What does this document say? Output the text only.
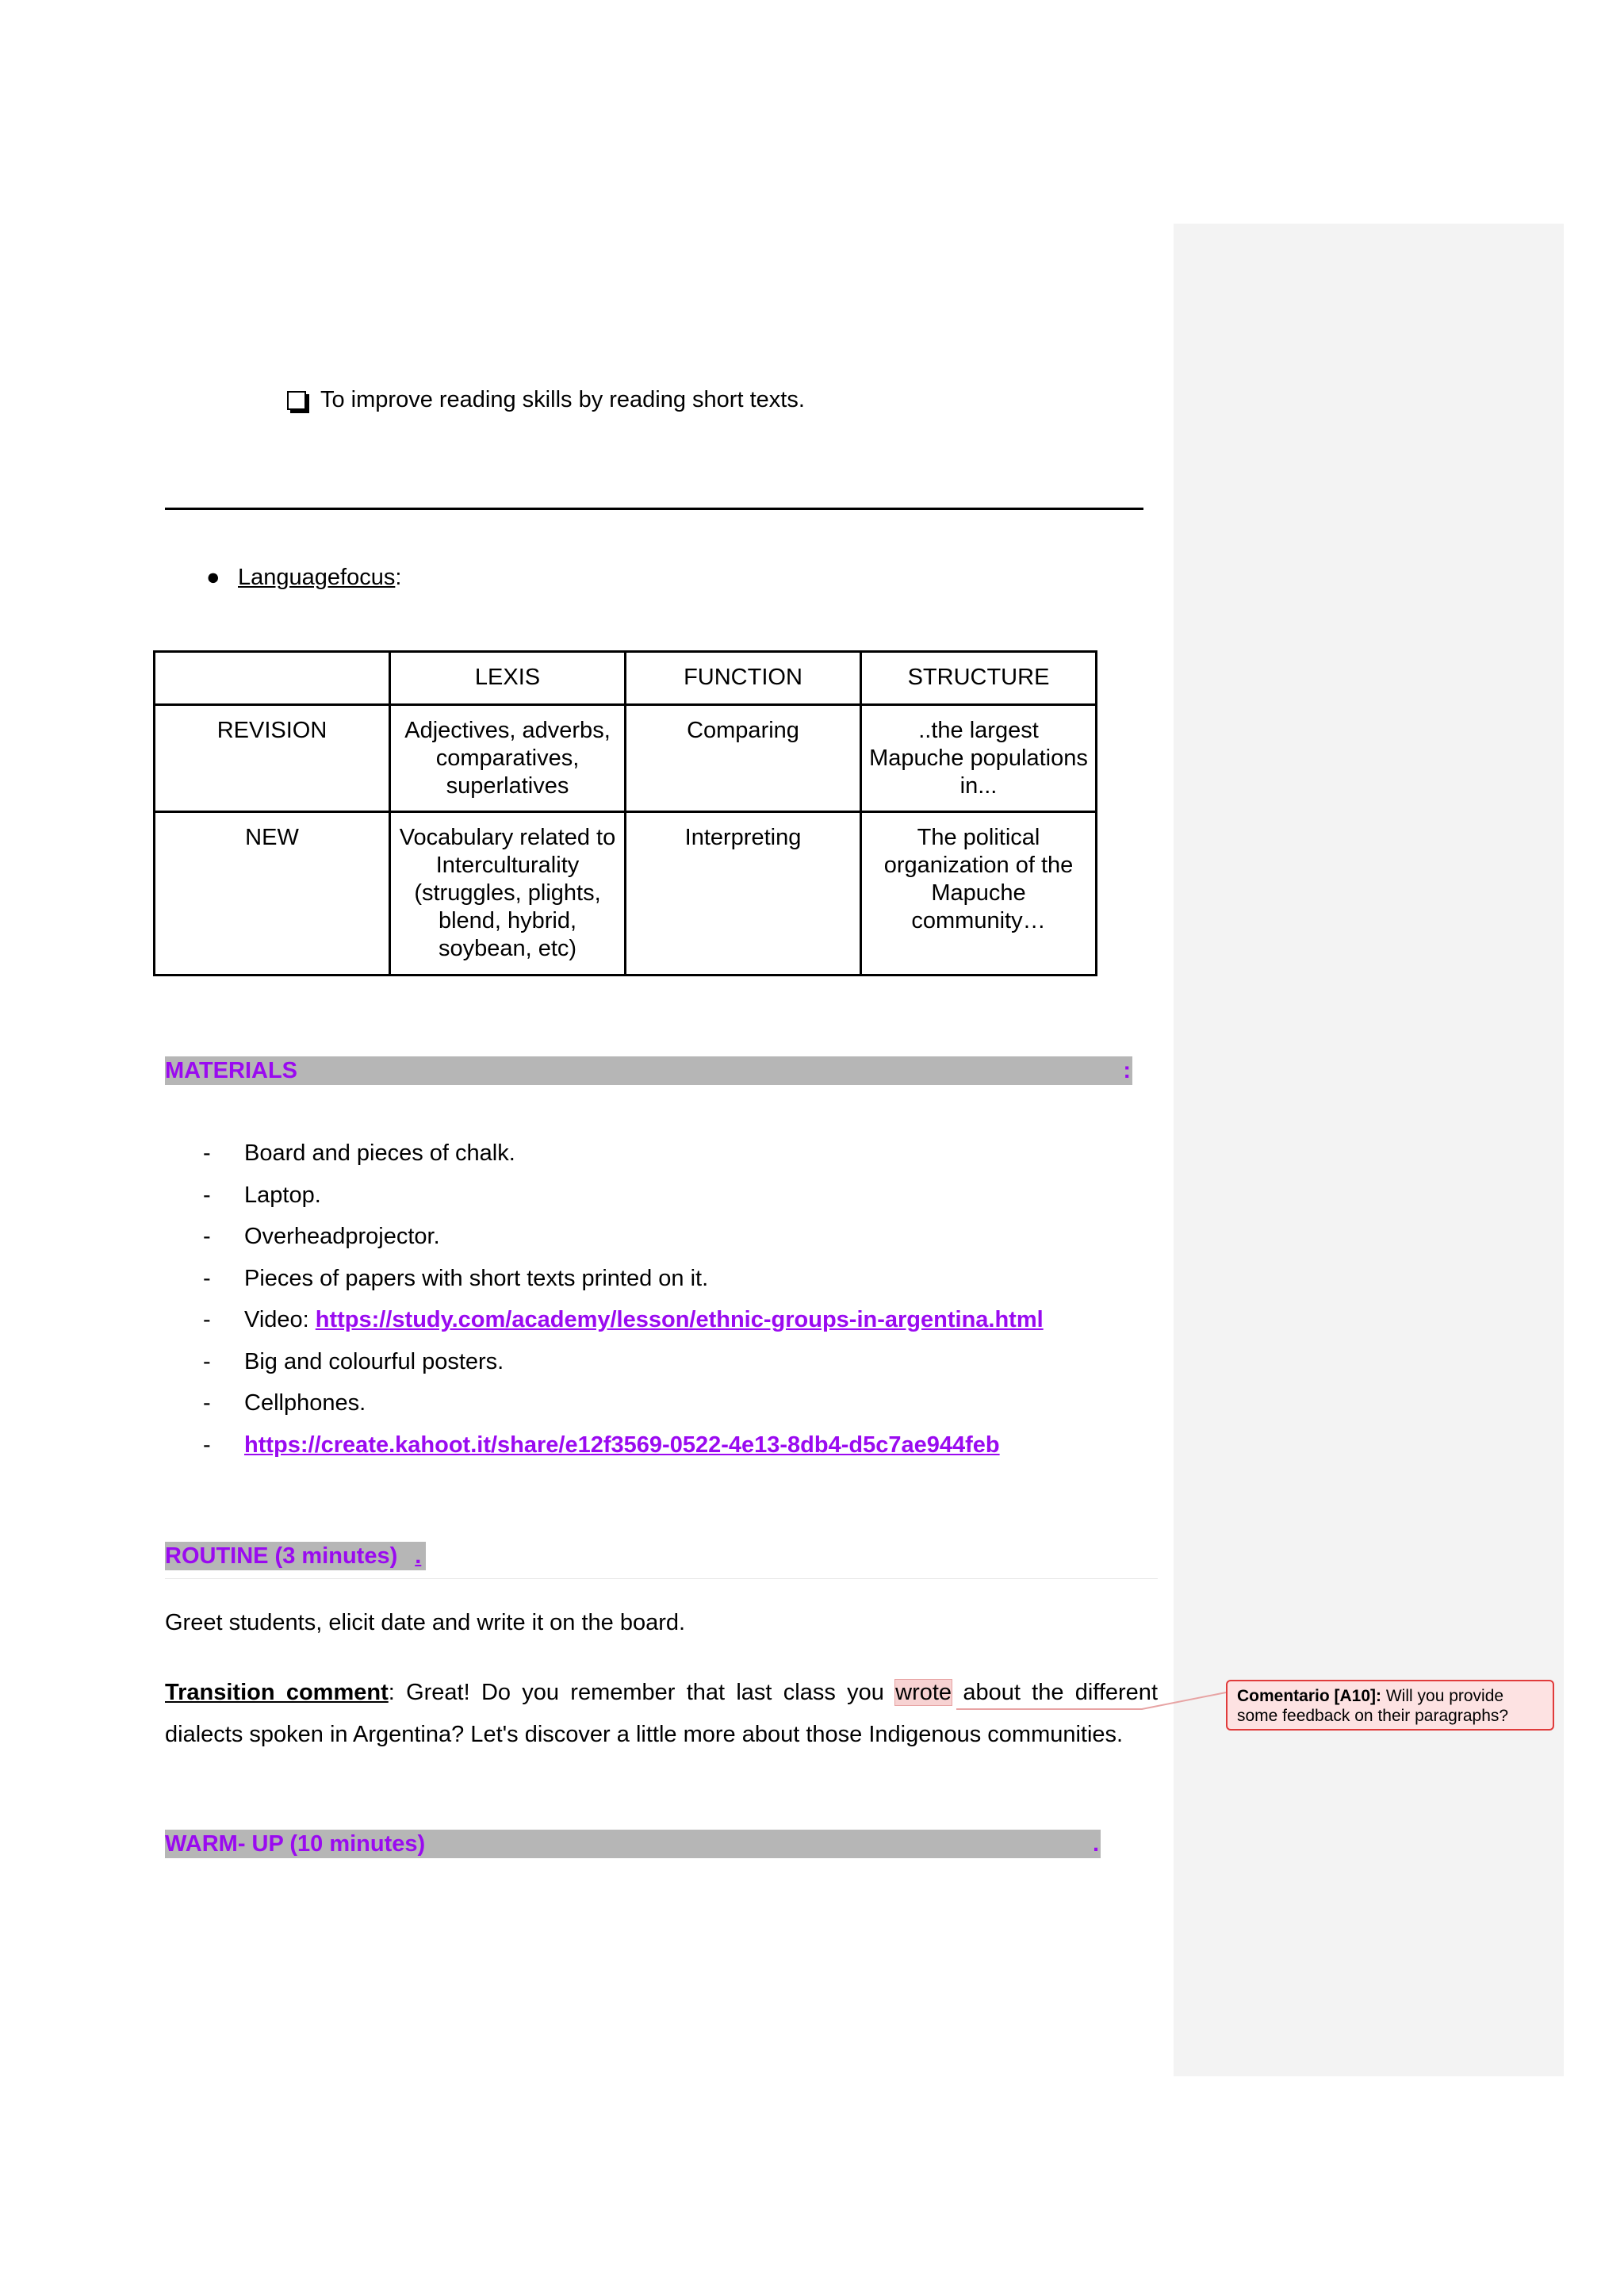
To improve reading skills by reading short texts.
● Languagefocus:
	LEXIS	FUNCTION	STRUCTURE
REVISION	Adjectives, adverbs, comparatives, superlatives	Comparing	..the largest Mapuche populations in...
NEW	Vocabulary related to Interculturality (struggles, plights, blend, hybrid, soybean, etc)	Interpreting	The political organization of the Mapuche community…
MATERIALS	:
- Board and pieces of chalk.
- Laptop.
- Overheadprojector.
- Pieces of papers with short texts printed on it.
- Video: https://study.com/academy/lesson/ethnic-groups-in-argentina.html
- Big and colourful posters.
- Cellphones.
- https://create.kahoot.it/share/e12f3569-0522-4e13-8db4-d5c7ae944feb
ROUTINE (3 minutes) .
Greet students, elicit date and write it on the board.
Transition comment: Great! Do you remember that last class you wrote about the different dialects spoken in Argentina? Let's discover a little more about those Indigenous communities.
WARM- UP (10 minutes)	.
Comentario [A10]: Will you provide some feedback on their paragraphs?
